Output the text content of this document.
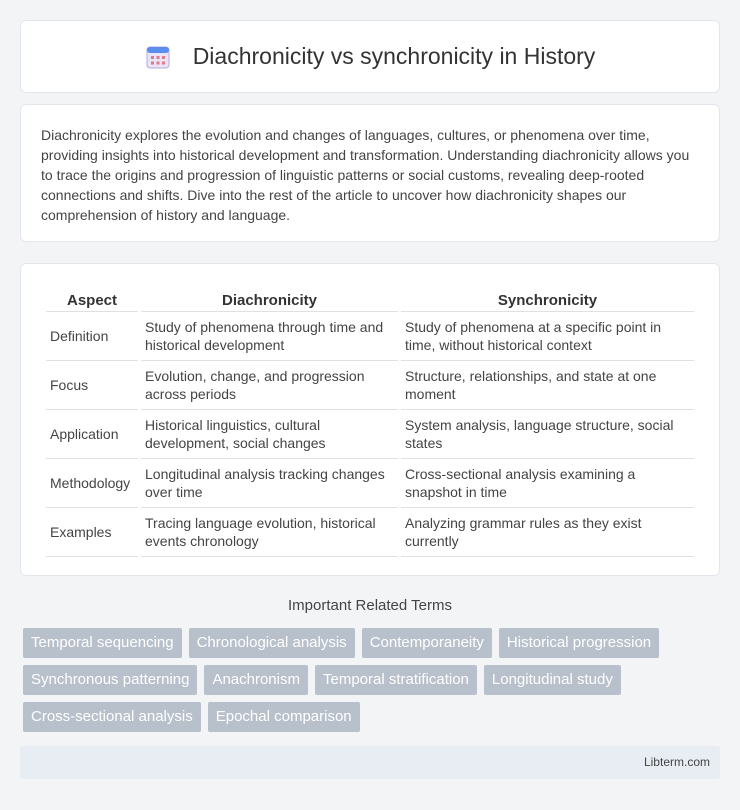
Diachronicity vs synchronicity in History

Diachronicity explores the evolution and changes of languages, cultures, or phenomena over time, providing insights into historical development and transformation. Understanding diachronicity allows you to trace the origins and progression of linguistic patterns or social customs, revealing deep-rooted connections and shifts. Dive into the rest of the article to uncover how diachronicity shapes our comprehension of history and language.

Aspect	Diachronicity	Synchronicity
Definition	Study of phenomena through time and historical development	Study of phenomena at a specific point in time, without historical context
Focus	Evolution, change, and progression across periods	Structure, relationships, and state at one moment
Application	Historical linguistics, cultural development, social changes	System analysis, language structure, social states
Methodology	Longitudinal analysis tracking changes over time	Cross-sectional analysis examining a snapshot in time
Examples	Tracing language evolution, historical events chronology	Analyzing grammar rules as they exist currently
Important Related Terms
Temporal sequencing	Chronological analysis	Contemporaneity	Historical progression
Synchronous patterning	Anachronism	Temporal stratification	Longitudinal study
Cross-sectional analysis	Epochal comparison
Libterm.com
